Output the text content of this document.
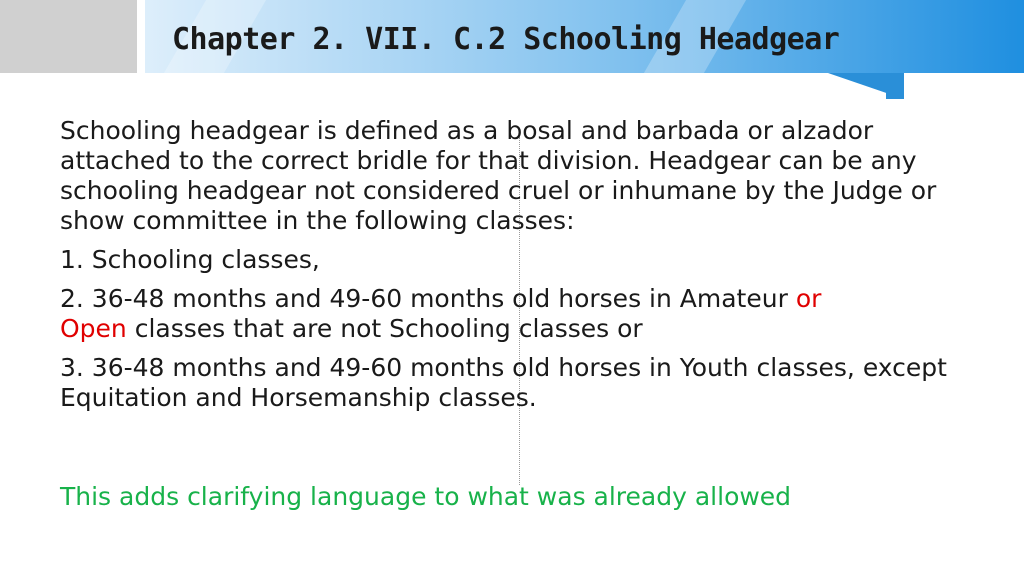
Chapter 2. VII. C.2 Schooling Headgear

Schooling headgear is defined as a bosal and barbada or alzador attached to the correct bridle for that division. Headgear can be any schooling headgear not considered cruel or inhumane by the Judge or show committee in the following classes:

1. Schooling classes,

2. 36-48 months and 49-60 months old horses in Amateur or
Open classes that are not Schooling classes or

3. 36-48 months and 49-60 months old horses in Youth classes, except Equitation and Horsemanship classes.

This adds clarifying language to what was already allowed
